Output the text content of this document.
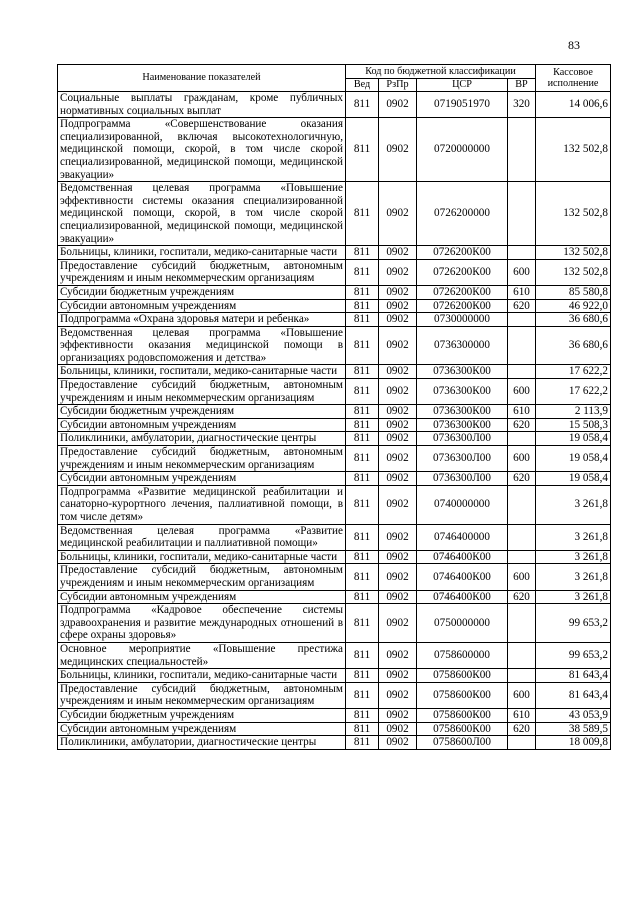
83
Наименование показателей	Код по бюджетной классификации				Кассовое исполнение
	Вед	РзПр	ЦСР	ВР	
Социальные выплаты гражданам, кроме публичных нормативных социальных выплат	811	0902	0719051970	320	14 006,6
Подпрограмма «Совершенствование оказания специализированной, включая высокотехнологичную, медицинской помощи, скорой, в том числе скорой специализированной, медицинской помощи, медицинской эвакуации»	811	0902	0720000000		132 502,8
Ведомственная целевая программа «Повышение эффективности системы оказания специализированной медицинской помощи, скорой, в том числе скорой специализированной, медицинской помощи, медицинской эвакуации»	811	0902	0726200000		132 502,8
Больницы, клиники, госпитали, медико-санитарные части	811	0902	0726200К00		132 502,8
Предоставление субсидий бюджетным, автономным учреждениям и иным некоммерческим организациям	811	0902	0726200К00	600	132 502,8
Субсидии бюджетным учреждениям	811	0902	0726200К00	610	85 580,8
Субсидии автономным учреждениям	811	0902	0726200К00	620	46 922,0
Подпрограмма «Охрана здоровья матери и ребенка»	811	0902	0730000000		36 680,6
Ведомственная целевая программа «Повышение эффективности оказания медицинской помощи в организациях родовспоможения и детства»	811	0902	0736300000		36 680,6
Больницы, клиники, госпитали, медико-санитарные части	811	0902	0736300К00		17 622,2
Предоставление субсидий бюджетным, автономным учреждениям и иным некоммерческим организациям	811	0902	0736300К00	600	17 622,2
Субсидии бюджетным учреждениям	811	0902	0736300К00	610	2 113,9
Субсидии автономным учреждениям	811	0902	0736300К00	620	15 508,3
Поликлиники, амбулатории, диагностические центры	811	0902	0736300Л00		19 058,4
Предоставление субсидий бюджетным, автономным учреждениям и иным некоммерческим организациям	811	0902	0736300Л00	600	19 058,4
Субсидии автономным учреждениям	811	0902	0736300Л00	620	19 058,4
Подпрограмма «Развитие медицинской реабилитации и санаторно-курортного лечения, паллиативной помощи, в том числе детям»	811	0902	0740000000		3 261,8
Ведомственная целевая программа «Развитие медицинской реабилитации и паллиативной помощи»	811	0902	0746400000		3 261,8
Больницы, клиники, госпитали, медико-санитарные части	811	0902	0746400К00		3 261,8
Предоставление субсидий бюджетным, автономным учреждениям и иным некоммерческим организациям	811	0902	0746400К00	600	3 261,8
Субсидии автономным учреждениям	811	0902	0746400К00	620	3 261,8
Подпрограмма «Кадровое обеспечение системы здравоохранения и развитие международных отношений в сфере охраны здоровья»	811	0902	0750000000		99 653,2
Основное мероприятие «Повышение престижа медицинских специальностей»	811	0902	0758600000		99 653,2
Больницы, клиники, госпитали, медико-санитарные части	811	0902	0758600К00		81 643,4
Предоставление субсидий бюджетным, автономным учреждениям и иным некоммерческим организациям	811	0902	0758600К00	600	81 643,4
Субсидии бюджетным учреждениям	811	0902	0758600К00	610	43 053,9
Субсидии автономным учреждениям	811	0902	0758600К00	620	38 589,5
Поликлиники, амбулатории, диагностические центры	811	0902	0758600Л00		18 009,8
